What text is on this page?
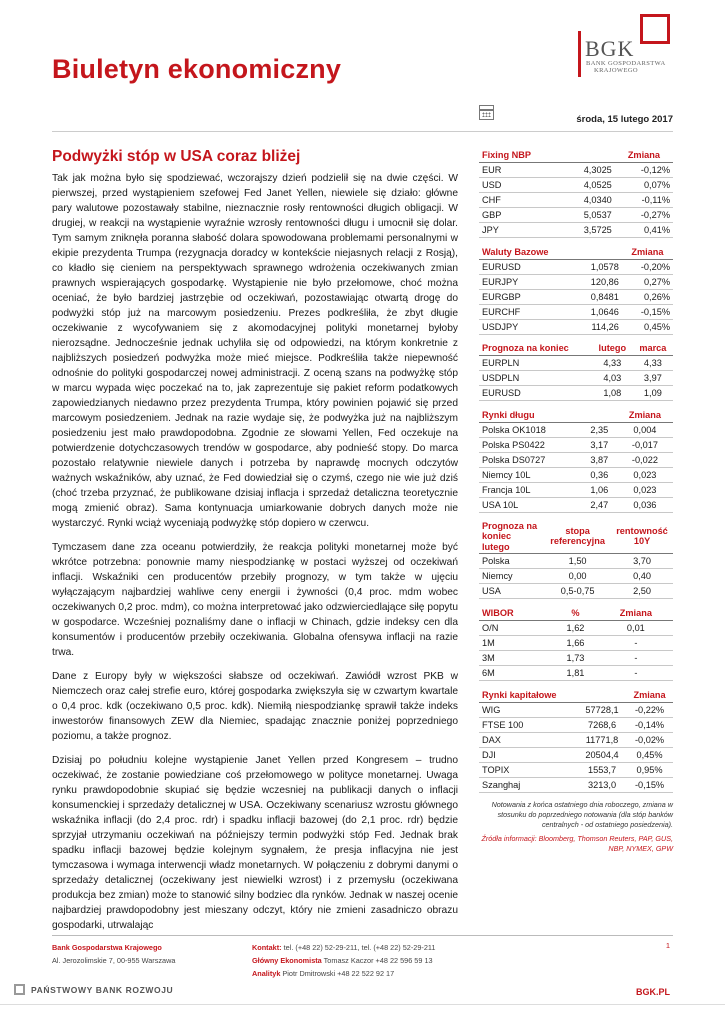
Biuletyn ekonomiczny
BGK
BANK GOSPODARSTWA
KRAJOWEGO
środa, 15 lutego 2017
Podwyżki stóp w USA coraz bliżej

Tak jak można było się spodziewać, wczorajszy dzień podzielił się na dwie części. W pierwszej, przed wystąpieniem szefowej Fed Janet Yellen, niewiele się działo: główne pary walutowe pozostawały stabilne, nieznacznie rosły rentowności długich obligacji. W drugiej, w reakcji na wystąpienie wyraźnie wzrosły rentowności długu i umocnił się dolar. Tym samym zniknęła poranna słabość dolara spowodowana problemami personalnymi w ekipie prezydenta Trumpa (rezygnacja doradcy w kontekście niejasnych relacji z Rosją), co kładło się cieniem na perspektywach sprawnego wdrożenia oczekiwanych zmian prawnych wspierających gospodarkę. Wystąpienie nie było przełomowe, choć można oceniać, że było bardziej jastrzębie od oczekiwań, pozostawiając otwartą drogę do podwyżki stóp już na marcowym posiedzeniu. Prezes podkreśliła, że zbyt długie oczekiwanie z wycofywaniem się z akomodacyjnej polityki monetarnej byłoby nierozsądne. Jednocześnie jednak uchyliła się od odpowiedzi, na którym konkretnie z najbliższych posiedzeń podwyżka może mieć miejsce. Podkreśliła także niepewność odnośnie do polityki gospodarczej nowej administracji. Z oceną szans na podwyżkę stóp w marcu wypada więc poczekać na to, jak zaprezentuje się pakiet reform podatkowych zapowiedzianych niedawno przez prezydenta Trumpa, który powinien pojawić się przed marcowym posiedzeniem. Jednak na razie wydaje się, że podwyżka już na najbliższym posiedzeniu jest mało prawdopodobna. Zgodnie ze słowami Yellen, Fed oczekuje na potwierdzenie dotychczasowych trendów w gospodarce, aby podnieść stopy. Do marca pozostało relatywnie niewiele danych i potrzeba by naprawdę mocnych odczytów ważnych wskaźników, aby uznać, że Fed dowiedział się o czymś, czego nie wie już dziś (choć trzeba przyznać, że publikowane dzisiaj inflacja i sprzedaż detaliczna teoretycznie mogą zmienić obraz). Sama kontynuacja umiarkowanie dobrych danych może nie wystarczyć. Rynki wciąż wyceniają podwyżkę stóp dopiero w czerwcu.

Tymczasem dane zza oceanu potwierdziły, że reakcja polityki monetarnej może być wkrótce potrzebna: ponownie mamy niespodziankę w postaci wyższej od oczekiwań inflacji. Wskaźniki cen producentów przebiły prognozy, w tym także w ujęciu wyłączającym najbardziej wahliwe ceny energii i żywności (0,4 proc. mdm wobec oczekiwanych 0,2 proc. mdm), co można interpretować jako odzwierciedlające siłę popytu w gospodarce. Wcześniej poznaliśmy dane o inflacji w Chinach, gdzie indeksy cen dla konsumentów i producentów przebiły oczekiwania. Globalna ofensywa inflacji na razie trwa.

Dane z Europy były w większości słabsze od oczekiwań. Zawiódł wzrost PKB w Niemczech oraz całej strefie euro, której gospodarka zwiększyła się w czwartym kwartale o 0,4 proc. kdk (oczekiwano 0,5 proc. kdk). Niemiłą niespodziankę sprawił także indeks inwestorów finansowych ZEW dla Niemiec, spadając znacznie poniżej poprzedniego poziomu, a także prognoz.

Dzisiaj po południu kolejne wystąpienie Janet Yellen przed Kongresem – trudno oczekiwać, że zostanie powiedziane coś przełomowego w polityce monetarnej. Uwaga rynku prawdopodobnie skupiać się będzie wczesniej na publikacji danych o inflacji konsumenckiej i sprzedaży detalicznej w USA. Oczekiwany scenariusz wzrostu głównego wskaźnika inflacji (do 2,4 proc. rdr) i spadku inflacji bazowej (do 2,1 proc. rdr) będzie sprzyjał utrzymaniu oczekiwań na późniejszy termin podwyżki stóp Fed. Jednak brak spadku inflacji bazowej będzie kolejnym sygnałem, że presja inflacyjna nie jest tymczasowa i wymaga interwencji władz monetarnych. W połączeniu z dobrymi danymi o sprzedaży detalicznej (oczekiwany jest niewielki wzrost) i z przemysłu (oczekiwana produkcja bez zmian) może to stanowić silny bodziec dla rynków. Jednak w naszej ocenie najbardziej prawdopodobny jest mieszany odczyt, który nie zmieni zasadniczo obrazu gospodarki, utrwalając

Fixing NBP		Zmiana
EUR	4,3025	-0,12%
USD	4,0525	0,07%
CHF	4,0340	-0,11%
GBP	5,0537	-0,27%
JPY	3,5725	0,41%
Waluty Bazowe		Zmiana
EURUSD	1,0578	-0,20%
EURJPY	120,86	0,27%
EURGBP	0,8481	0,26%
EURCHF	1,0646	-0,15%
USDJPY	114,26	0,45%
Prognoza na koniec	lutego	marca
EURPLN	4,33	4,33
USDPLN	4,03	3,97
EURUSD	1,08	1,09
Rynki długu		Zmiana
Polska OK1018	2,35	0,004
Polska PS0422	3,17	-0,017
Polska DS0727	3,87	-0,022
Niemcy 10L	0,36	0,023
Francja 10L	1,06	0,023
USA 10L	2,47	0,036
Prognoza na koniec lutego	stopa referencyjna	rentowność 10Y
Polska	1,50	3,70
Niemcy	0,00	0,40
USA	0,5-0,75	2,50
WIBOR	%	Zmiana
O/N	1,62	0,01
1M	1,66	-
3M	1,73	-
6M	1,81	-
Rynki kapitałowe		Zmiana
WIG	57728,1	-0,22%
FTSE 100	7268,6	-0,14%
DAX	11771,8	-0,02%
DJI	20504,4	0,45%
TOPIX	1553,7	0,95%
Szanghaj	3213,0	-0,15%
Notowania z końca ostatniego dnia roboczego, zmiana w stosunku do poprzedniego notowania (dla stóp banków centralnych - od ostatniego posiedzenia).
Źródła informacji: Bloomberg, Thomson Reuters, PAP, GUS, NBP, NYMEX, GPW
Bank Gospodarstwa Krajowego
Al. Jerozolimskie 7, 00-955 Warszawa
Kontakt: tel. (+48 22) 52-29-211, tel. (+48 22) 52-29-211
Główny Ekonomista Tomasz Kaczor +48 22 596 59 13
Analityk Piotr Dmitrowski +48 22 522 92 17
1
PAŃSTWOWY BANK ROZWOJU	BGK.PL
